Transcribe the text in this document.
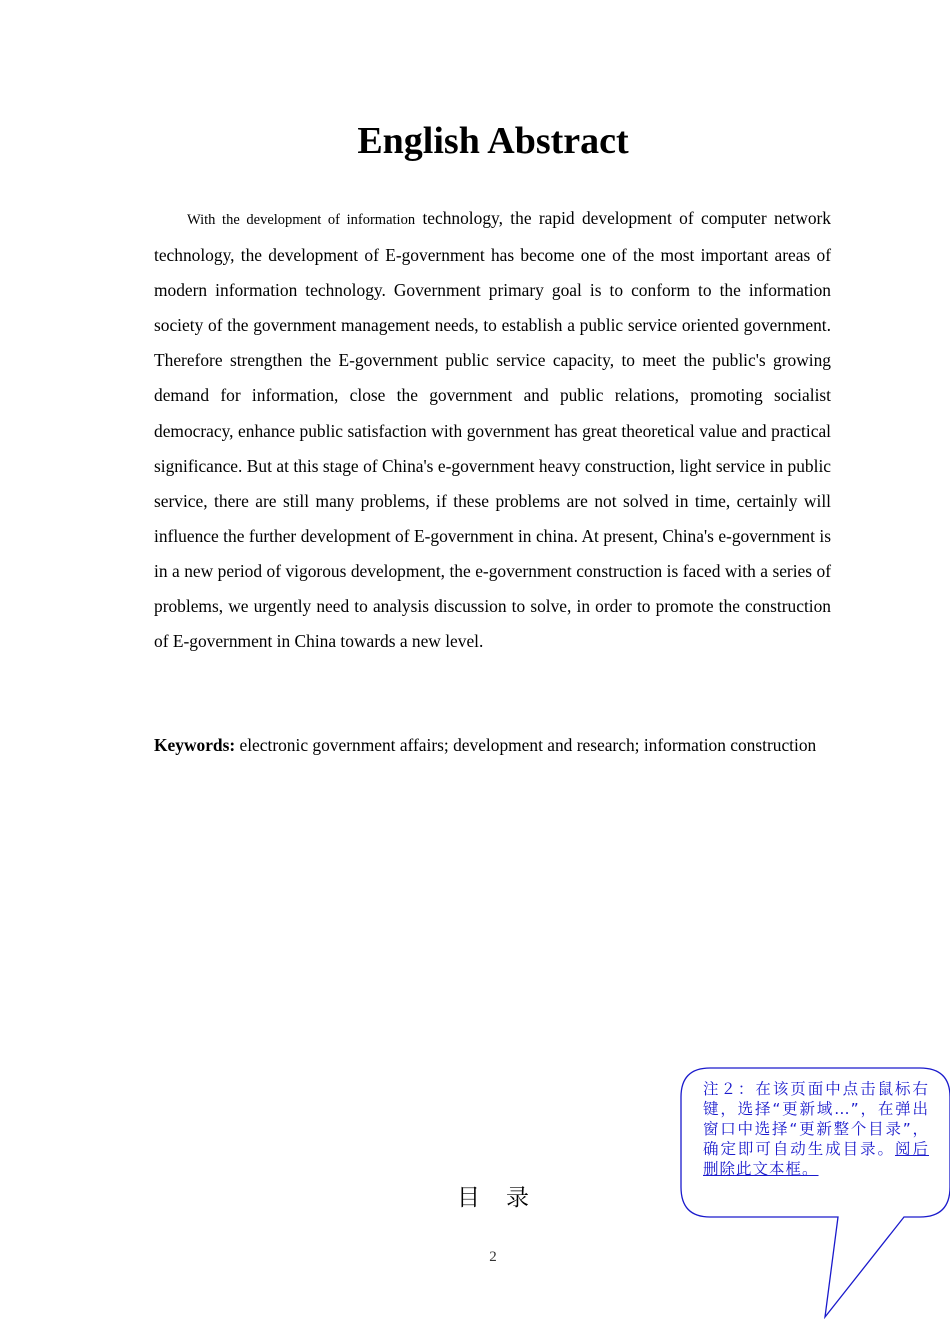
English Abstract

With the development of information technology, the rapid development of computer network technology, the development of E-government has become one of the most important areas of modern information technology. Government primary goal is to conform to the information society of the government management needs, to establish a public service oriented government. Therefore strengthen the E-government public service capacity, to meet the public's growing demand for information, close the government and public relations, promoting socialist democracy, enhance public satisfaction with government has great theoretical value and practical significance. But at this stage of China's e-government heavy construction, light service in public service, there are still many problems, if these problems are not solved in time, certainly will influence the further development of E-government in china. At present, China's e-government is in a new period of vigorous development, the e-government construction is faced with a series of problems, we urgently need to analysis discussion to solve, in order to promote the construction of E-government in China towards a new level.

Keywords: electronic government affairs; development and research; information construction

目录
2
注２：在该页面中点击鼠标右键，选择“更新域…”，在弹出窗口中选择“更新整个目录”，确定即可自动生成目录。阅后删除此文本框。
